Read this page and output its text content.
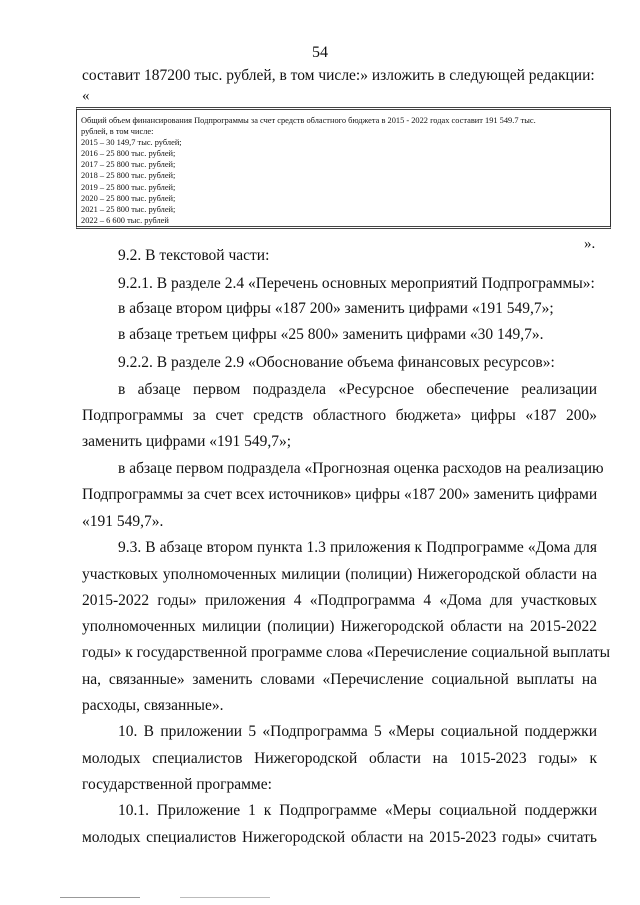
54
составит 187200 тыс. рублей, в том числе:» изложить в следующей редакции:
«
Общий объем финансирования Подпрограммы за счет средств областного бюджета в 2015 - 2022 годах составит 191 549.7 тыс.
рублей, в том числе:
2015 – 30 149,7 тыс. рублей;
2016 – 25 800 тыс. рублей;
2017 – 25 800 тыс. рублей;
2018 – 25 800 тыс. рублей;
2019 – 25 800 тыс. рублей;
2020 – 25 800 тыс. рублей;
2021 – 25 800 тыс. рублей;
2022 – 6 600 тыс. рублей
».
9.2. В текстовой части:
9.2.1. В разделе 2.4 «Перечень основных мероприятий Подпрограммы»:
в абзаце втором цифры «187 200» заменить цифрами «191 549,7»;
в абзаце третьем цифры «25 800» заменить цифрами «30 149,7».
9.2.2. В разделе 2.9 «Обоснование объема финансовых ресурсов»:
в абзаце первом подраздела «Ресурсное обеспечение реализации
Подпрограммы за счет средств областного бюджета» цифры «187 200»
заменить цифрами «191 549,7»;
в абзаце первом подраздела «Прогнозная оценка расходов на реализацию
Подпрограммы за счет всех источников» цифры «187 200» заменить цифрами
«191 549,7».
9.3. В абзаце втором пункта 1.3 приложения к Подпрограмме «Дома для
участковых уполномоченных милиции (полиции) Нижегородской области на
2015-2022 годы» приложения 4 «Подпрограмма 4 «Дома для участковых
уполномоченных милиции (полиции) Нижегородской области на 2015-2022
годы» к государственной программе слова «Перечисление социальной выплаты
на, связанные» заменить словами «Перечисление социальной выплаты на
расходы, связанные».
10. В приложении 5 «Подпрограмма 5 «Меры социальной поддержки
молодых специалистов Нижегородской области на 1015-2023 годы» к
государственной программе:
10.1. Приложение 1 к Подпрограмме «Меры социальной поддержки
молодых специалистов Нижегородской области на 2015-2023 годы» считать
